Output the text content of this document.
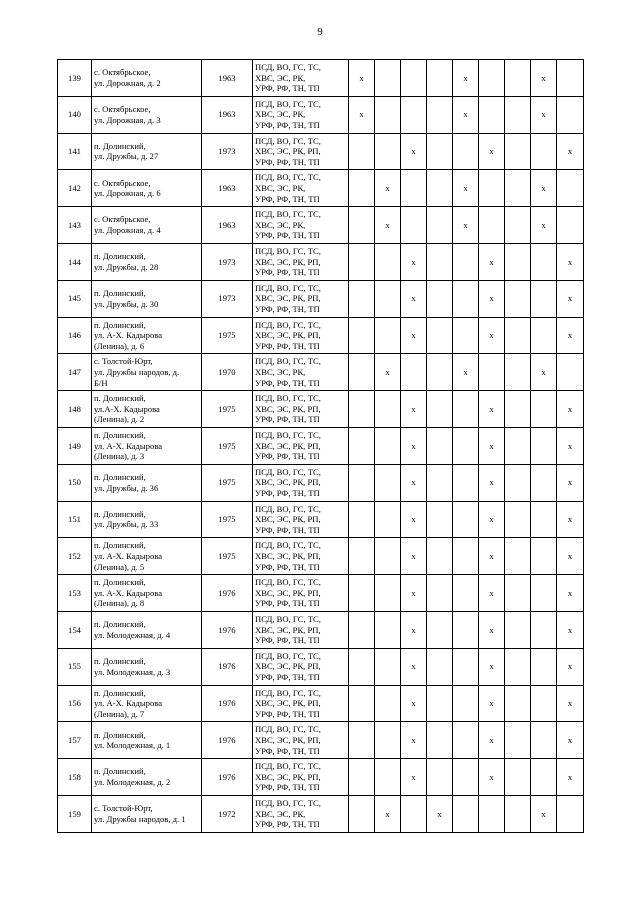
9
139	с. Октябрьское,
ул. Дорожная, д. 2	1963	ПСД, ВО, ГС, ТС,
ХВС, ЭС, РК,
УРФ, РФ, ТН, ТП	x				x			x	
140	с. Октябрьское,
ул. Дорожная, д. 3	1963	ПСД, ВО, ГС, ТС,
ХВС, ЭС, РК,
УРФ, РФ, ТН, ТП	x				x			x	
141	п. Долинский,
ул. Дружбы, д. 27	1973	ПСД, ВО, ГС, ТС,
ХВС, ЭС, РК, РП,
УРФ, РФ, ТН, ТП			x			x			x
142	с. Октябрьское,
ул. Дорожная, д. 6	1963	ПСД, ВО, ГС, ТС,
ХВС, ЭС, РК,
УРФ, РФ, ТН, ТП		x			x			x	
143	с. Октябрьское,
ул. Дорожная, д. 4	1963	ПСД, ВО, ГС, ТС,
ХВС, ЭС, РК,
УРФ, РФ, ТН, ТП		x			x			x	
144	п. Долинский,
ул. Дружбы, д. 28	1973	ПСД, ВО, ГС, ТС,
ХВС, ЭС, РК, РП,
УРФ, РФ, ТН, ТП			x			x			x
145	п. Долинский,
ул. Дружбы, д. 30	1973	ПСД, ВО, ГС, ТС,
ХВС, ЭС, РК, РП,
УРФ, РФ, ТН, ТП			x			x			x
146	п. Долинский,
ул. А-Х. Кадырова
(Ленина), д. 6	1975	ПСД, ВО, ГС, ТС,
ХВС, ЭС, РК, РП,
УРФ, РФ, ТН, ТП			x			x			x
147	с. Толстой-Юрт,
ул. Дружбы народов, д.
Б/Н	1970	ПСД, ВО, ГС, ТС,
ХВС, ЭС, РК,
УРФ, РФ, ТН, ТП		x			x			x	
148	п. Долинский,
ул.А-Х. Кадырова
(Ленина), д. 2	1975	ПСД, ВО, ГС, ТС,
ХВС, ЭС, РК, РП,
УРФ, РФ, ТН, ТП			x			x			x
149	п. Долинский,
ул. А-Х. Кадырова
(Ленина), д. 3	1975	ПСД, ВО, ГС, ТС,
ХВС, ЭС, РК, РП,
УРФ, РФ, ТН, ТП			x			x			x
150	п. Долинский,
ул. Дружбы, д. 36	1975	ПСД, ВО, ГС, ТС,
ХВС, ЭС, РК, РП,
УРФ, РФ, ТН, ТП			x			x			x
151	п. Долинский,
ул. Дружбы, д. 33	1975	ПСД, ВО, ГС, ТС,
ХВС, ЭС, РК, РП,
УРФ, РФ, ТН, ТП			x			x			x
152	п. Долинский,
ул. А-Х. Кадырова
(Ленина), д. 5	1975	ПСД, ВО, ГС, ТС,
ХВС, ЭС, РК, РП,
УРФ, РФ, ТН, ТП			x			x			x
153	п. Долинский,
ул. А-Х. Кадырова
(Ленина), д. 8	1976	ПСД, ВО, ГС, ТС,
ХВС, ЭС, РК, РП,
УРФ, РФ, ТН, ТП			x			x			x
154	п. Долинский,
ул. Молодежная, д. 4	1976	ПСД, ВО, ГС, ТС,
ХВС, ЭС, РК, РП,
УРФ, РФ, ТН, ТП			x			x			x
155	п. Долинский,
ул. Молодежная, д. 3	1976	ПСД, ВО, ГС, ТС,
ХВС, ЭС, РК, РП,
УРФ, РФ, ТН, ТП			x			x			x
156	п. Долинский,
ул. А-Х. Кадырова
(Ленина), д. 7	1976	ПСД, ВО, ГС, ТС,
ХВС, ЭС, РК, РП,
УРФ, РФ, ТН, ТП			x			x			x
157	п. Долинский,
ул. Молодежная, д. 1	1976	ПСД, ВО, ГС, ТС,
ХВС, ЭС, РК, РП,
УРФ, РФ, ТН, ТП			x			x			x
158	п. Долинский,
ул. Молодежная, д. 2	1976	ПСД, ВО, ГС, ТС,
ХВС, ЭС, РК, РП,
УРФ, РФ, ТН, ТП			x			x			x
159	с. Толстой-Юрт,
ул. Дружбы народов, д. 1	1972	ПСД, ВО, ГС, ТС,
ХВС, ЭС, РК,
УРФ, РФ, ТН, ТП		x		x				x	
